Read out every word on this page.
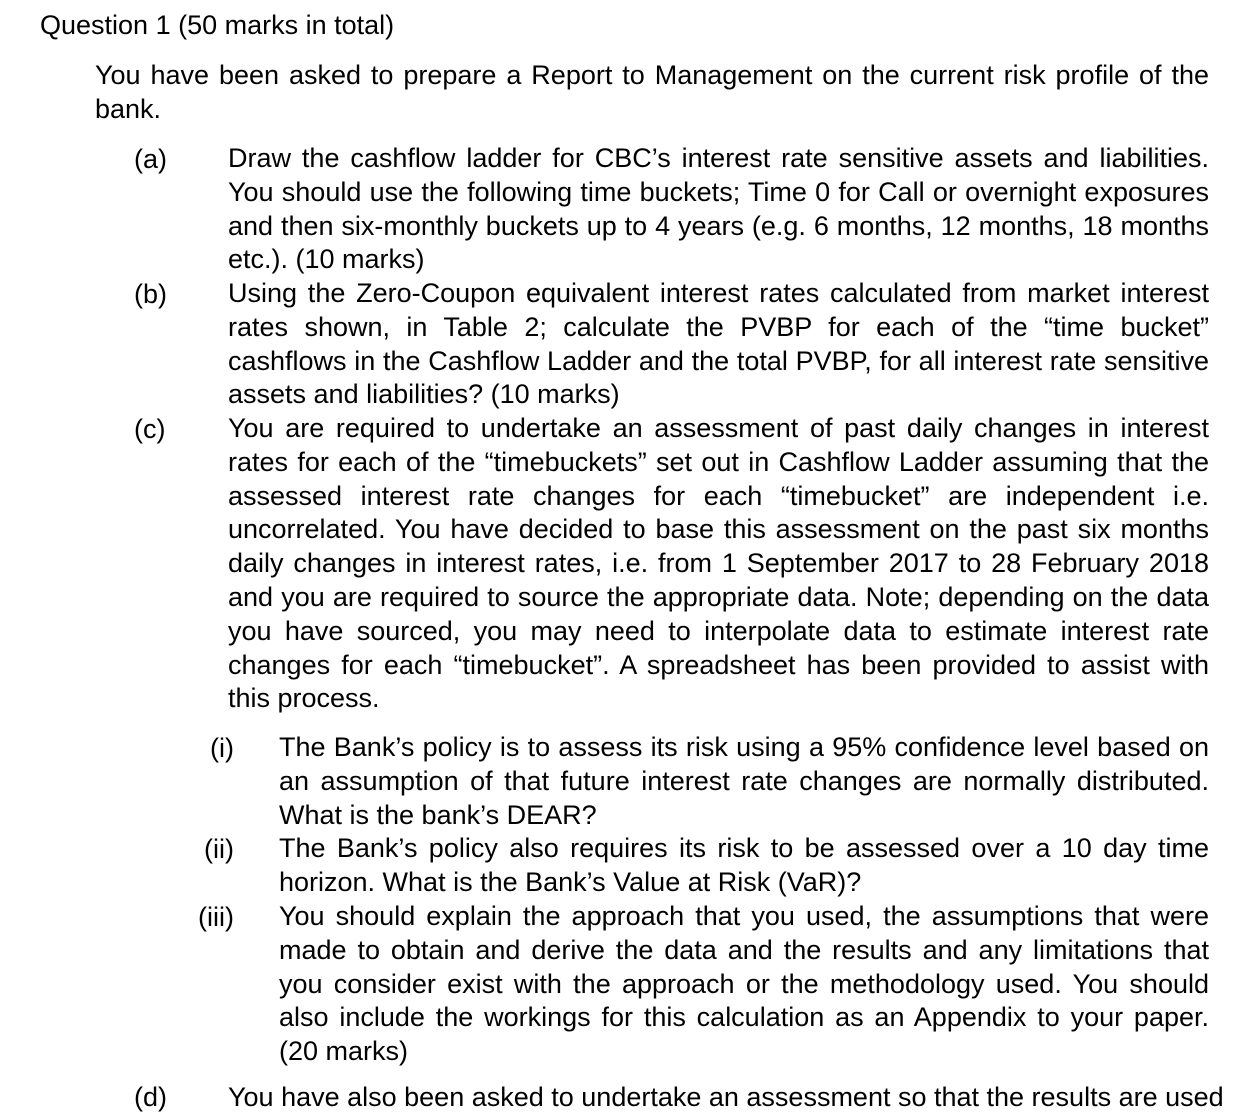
Question 1 (50 marks in total)
You have been asked to prepare a Report to Management on the current risk profile of the bank.
(a) Draw the cashflow ladder for CBC’s interest rate sensitive assets and liabilities. You should use the following time buckets; Time 0 for Call or overnight exposures and then six-monthly buckets up to 4 years (e.g. 6 months, 12 months, 18 months etc.). (10 marks)
(b) Using the Zero-Coupon equivalent interest rates calculated from market interest rates shown, in Table 2; calculate the PVBP for each of the “time bucket” cashflows in the Cashflow Ladder and the total PVBP, for all interest rate sensitive assets and liabilities? (10 marks)
(c) You are required to undertake an assessment of past daily changes in interest rates for each of the “timebuckets” set out in Cashflow Ladder assuming that the assessed interest rate changes for each “timebucket” are independent i.e. uncorrelated. You have decided to base this assessment on the past six months daily changes in interest rates, i.e. from 1 September 2017 to 28 February 2018 and you are required to source the appropriate data. Note; depending on the data you have sourced, you may need to interpolate data to estimate interest rate changes for each “timebucket”. A spreadsheet has been provided to assist with this process.
(i) The Bank’s policy is to assess its risk using a 95% confidence level based on an assumption of that future interest rate changes are normally distributed. What is the bank’s DEAR?
(ii) The Bank’s policy also requires its risk to be assessed over a 10 day time horizon. What is the Bank’s Value at Risk (VaR)?
(iii) You should explain the approach that you used, the assumptions that were made to obtain and derive the data and the results and any limitations that you consider exist with the approach or the methodology used. You should also include the workings for this calculation as an Appendix to your paper. (20 marks)
(d) You have also been asked to undertake an assessment so that the results are used
